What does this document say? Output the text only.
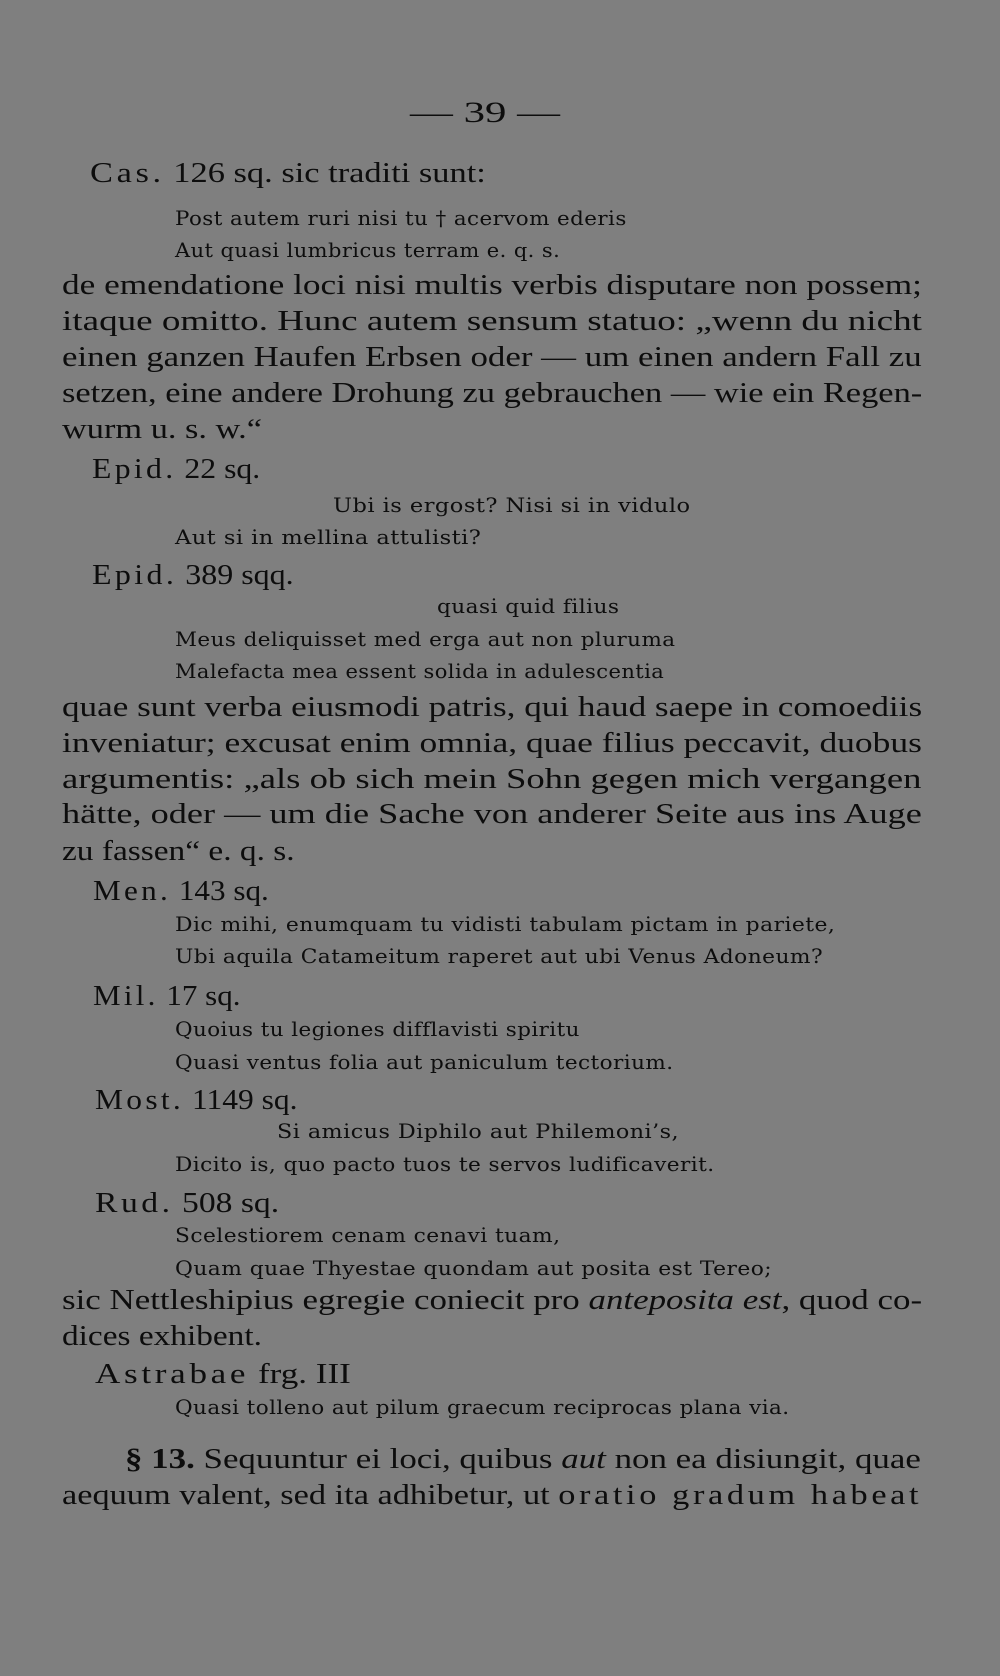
— 39 —
Cas. 126 sq. sic traditi sunt:
Post autem ruri nisi tu † acervom ederis
Aut quasi lumbricus terram e. q. s.
de emendatione loci nisi multis verbis disputare non possem;
itaque omitto. Hunc autem sensum statuo: „wenn du nicht
einen ganzen Haufen Erbsen oder — um einen andern Fall zu
setzen, eine andere Drohung zu gebrauchen — wie ein Regen-
wurm u. s. w.“
Epid. 22 sq.
Ubi is ergost? Nisi si in vidulo
Aut si in mellina attulisti?
Epid. 389 sqq.
quasi quid filius
Meus deliquisset med erga aut non pluruma
Malefacta mea essent solida in adulescentia
quae sunt verba eiusmodi patris, qui haud saepe in comoediis
inveniatur; excusat enim omnia, quae filius peccavit, duobus
argumentis: „als ob sich mein Sohn gegen mich vergangen
hätte, oder — um die Sache von anderer Seite aus ins Auge
zu fassen“ e. q. s.
Men. 143 sq.
Dic mihi, enumquam tu vidisti tabulam pictam in pariete,
Ubi aquila Catameitum raperet aut ubi Venus Adoneum?
Mil. 17 sq.
Quoius tu legiones difflavisti spiritu
Quasi ventus folia aut paniculum tectorium.
Most. 1149 sq.
Si amicus Diphilo aut Philemoni’s,
Dicito is, quo pacto tuos te servos ludificaverit.
Rud. 508 sq.
Scelestiorem cenam cenavi tuam,
Quam quae Thyestae quondam aut posita est Tereo;
sic Nettleshipius egregie coniecit pro anteposita est, quod co-
dices exhibent.
Astrabae frg. III
Quasi tolleno aut pilum graecum reciprocas plana via.
§ 13. Sequuntur ei loci, quibus aut non ea disiungit, quae
aequum valent, sed ita adhibetur, ut oratio gradum habeat
